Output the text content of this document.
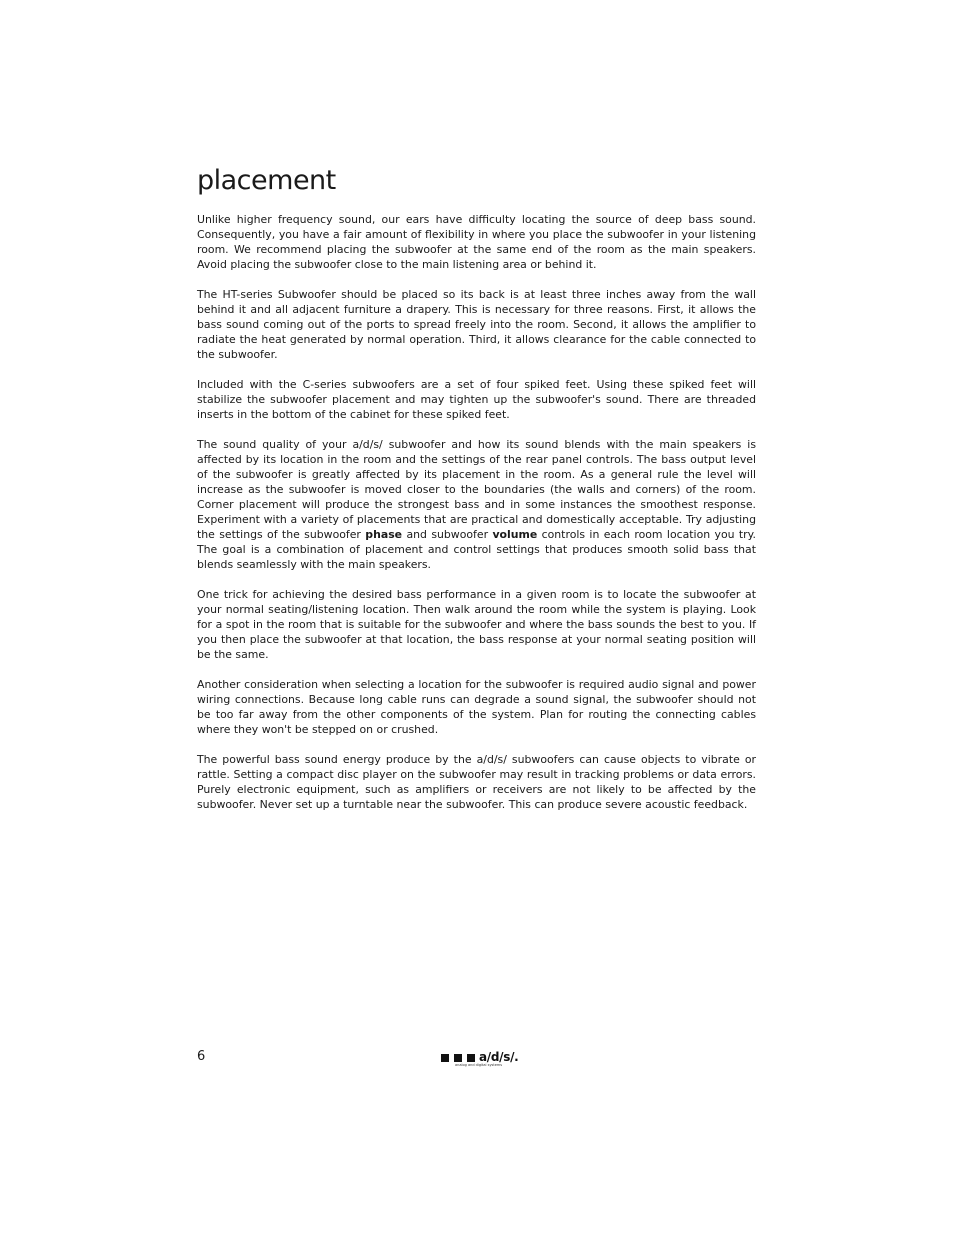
placement

Unlike higher frequency sound, our ears have difficulty locating the source of deep bass sound. Consequently, you have a fair amount of flexibility in where you place the subwoofer in your listening room. We recommend placing the subwoofer at the same end of the room as the main speakers. Avoid placing the subwoofer close to the main listening area or behind it.

The HT-series Subwoofer should be placed so its back is at least three inches away from the wall behind it and all adjacent furniture a drapery. This is necessary for three reasons. First, it allows the bass sound coming out of the ports to spread freely into the room. Second, it allows the amplifier to radiate the heat generated by normal operation. Third, it allows clearance for the cable connected to the subwoofer.

Included with the C-series subwoofers are a set of four spiked feet. Using these spiked feet will stabilize the subwoofer placement and may tighten up the subwoofer's sound. There are threaded inserts in the bottom of the cabinet for these spiked feet.

The sound quality of your a/d/s/ subwoofer and how its sound blends with the main speakers is affected by its location in the room and the settings of the rear panel controls. The bass output level of the subwoofer is greatly affected by its placement in the room. As a general rule the level will increase as the subwoofer is moved closer to the boundaries (the walls and corners) of the room. Corner placement will produce the strongest bass and in some instances the smoothest response. Experiment with a variety of placements that are practical and domestically acceptable. Try adjusting the settings of the subwoofer phase and subwoofer volume controls in each room location you try. The goal is a combination of placement and control settings that produces smooth solid bass that blends seamlessly with the main speakers.

One trick for achieving the desired bass performance in a given room is to locate the subwoofer at your normal seating/listening location. Then walk around the room while the system is playing. Look for a spot in the room that is suitable for the subwoofer and where the bass sounds the best to you. If you then place the subwoofer at that location, the bass response at your normal seating position will be the same.

Another consideration when selecting a location for the subwoofer is required audio signal and power wiring connections. Because long cable runs can degrade a sound signal, the subwoofer should not be too far away from the other components of the system. Plan for routing the connecting cables where they won't be stepped on or crushed.

The powerful bass sound energy produce by the a/d/s/ subwoofers can cause objects to vibrate or rattle. Setting a compact disc player on the subwoofer may result in tracking problems or data errors. Purely electronic equipment, such as amplifiers or receivers are not likely to be affected by the subwoofer. Never set up a turntable near the subwoofer. This can produce severe acoustic feedback.

6	a/d/s/.
analog and digital systems
